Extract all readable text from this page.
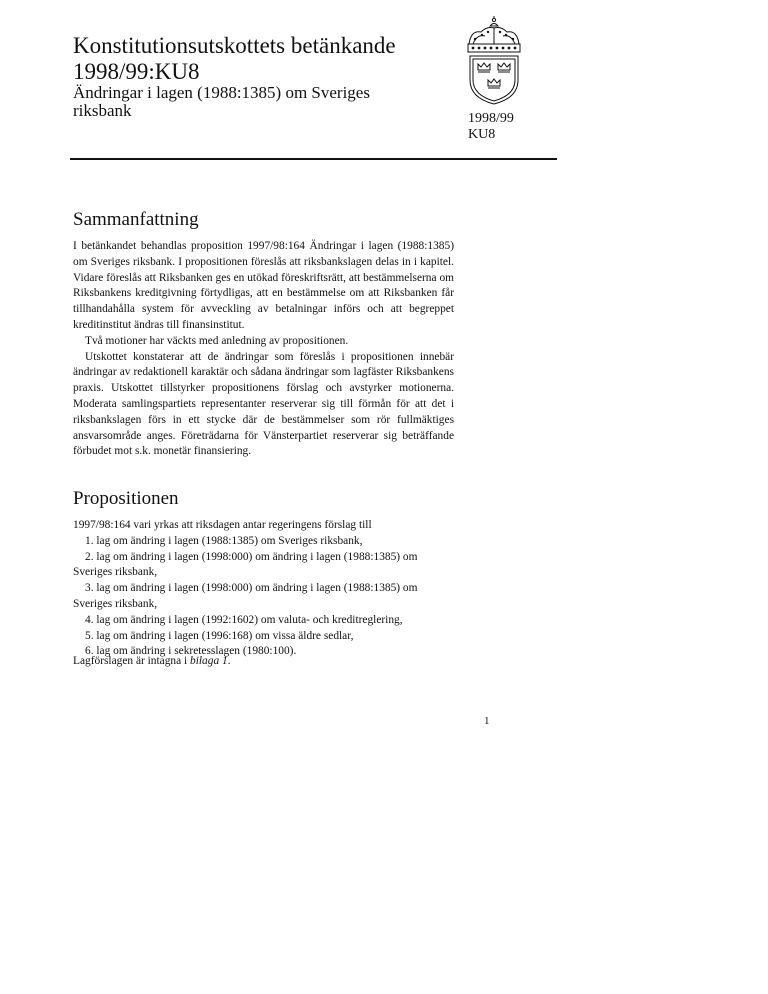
Konstitutionsutskottets betänkande
1998/99:KU8
Ändringar i lagen (1988:1385) om Sveriges riksbank	1998/99
KU8
Sammanfattning

I betänkandet behandlas proposition 1997/98:164 Ändringar i lagen (1988:1385) om Sveriges riksbank. I propositionen föreslås att riksbankslagen delas in i kapitel. Vidare föreslås att Riksbanken ges en utökad föreskriftsrätt, att bestämmelserna om Riksbankens kreditgivning förtydligas, att en bestämmelse om att Riksbanken får tillhandahålla system för avveckling av betalningar införs och att begreppet kreditinstitut ändras till finansinstitut.

Två motioner har väckts med anledning av propositionen.

Utskottet konstaterar att de ändringar som föreslås i propositionen innebär ändringar av redaktionell karaktär och sådana ändringar som lagfäster Riksbankens praxis. Utskottet tillstyrker propositionens förslag och avstyrker motionerna. Moderata samlingspartiets representanter reserverar sig till förmån för att det i riksbankslagen förs in ett stycke där de bestämmelser som rör fullmäktiges ansvarsområde anges. Företrädarna för Vänsterpartiet reserverar sig beträffande förbudet mot s.k. monetär finansiering.

Propositionen

1997/98:164 vari yrkas att riksdagen antar regeringens förslag till

1. lag om ändring i lagen (1988:1385) om Sveriges riksbank,
2. lag om ändring i lagen (1998:000) om ändring i lagen (1988:1385) om Sveriges riksbank,
3. lag om ändring i lagen (1998:000) om ändring i lagen (1988:1385) om Sveriges riksbank,
4. lag om ändring i lagen (1992:1602) om valuta- och kreditreglering,
5. lag om ändring i lagen (1996:168) om vissa äldre sedlar,
6. lag om ändring i sekretesslagen (1980:100).
Lagförslagen är intagna i bilaga 1.
1
